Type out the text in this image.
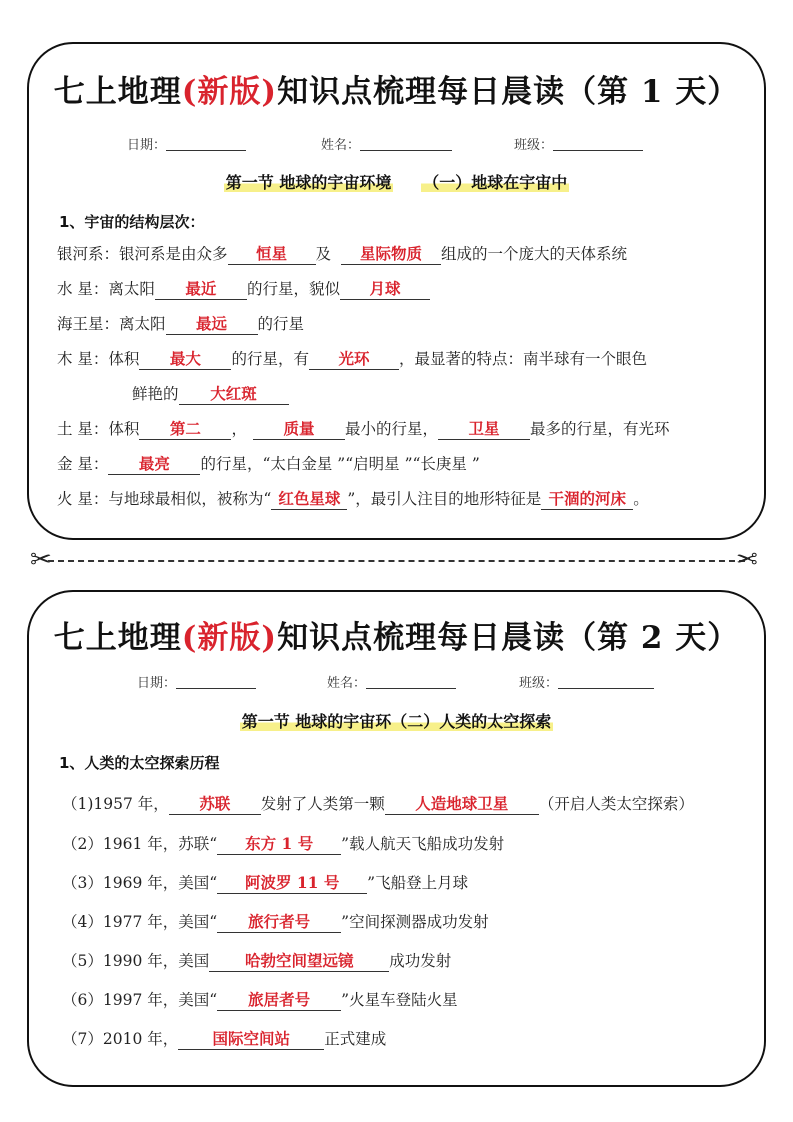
七上地理(新版)知识点梳理每日晨读（第 1 天）
日期：	姓名：	班级：
第一节 地球的宇宙环境 （一）地球在宇宙中
1、宇宙的结构层次：
银河系：银河系是由众多 恒星 及 星际物质 组成的一个庞大的天体系统
水 星：离太阳 最近 的行星，貌似 月球
海王星：离太阳 最远 的行星
木 星：体积 最大 的行星，有 光环 ，最显著的特点：南半球有一个眼色
鲜艳的 大红斑
土 星：体积 第二 ， 质量 最小的行星， 卫星 最多的行星，有光环
金 星： 最亮 的行星，“太白金星 ”“启明星 ”“长庚星 ”
火 星：与地球最相似，被称为“ 红色星球 ”，最引人注目的地形特征是 干涸的河床 。
✂	✂
七上地理(新版)知识点梳理每日晨读（第 2 天）
日期：	姓名：	班级：
第一节 地球的宇宙环（二）人类的太空探索
1、人类的太空探索历程
（1)1957 年， 苏联 发射了人类第一颗 人造地球卫星 （开启人类太空探索）
（2）1961 年，苏联“ 东方 1 号 ”载人航天飞船成功发射
（3）1969 年，美国“ 阿波罗 11 号 ”飞船登上月球
（4）1977 年，美国“ 旅行者号 ”空间探测器成功发射
（5）1990 年，美国 哈勃空间望远镜 成功发射
（6）1997 年，美国“ 旅居者号 ”火星车登陆火星
（7）2010 年， 国际空间站 正式建成
